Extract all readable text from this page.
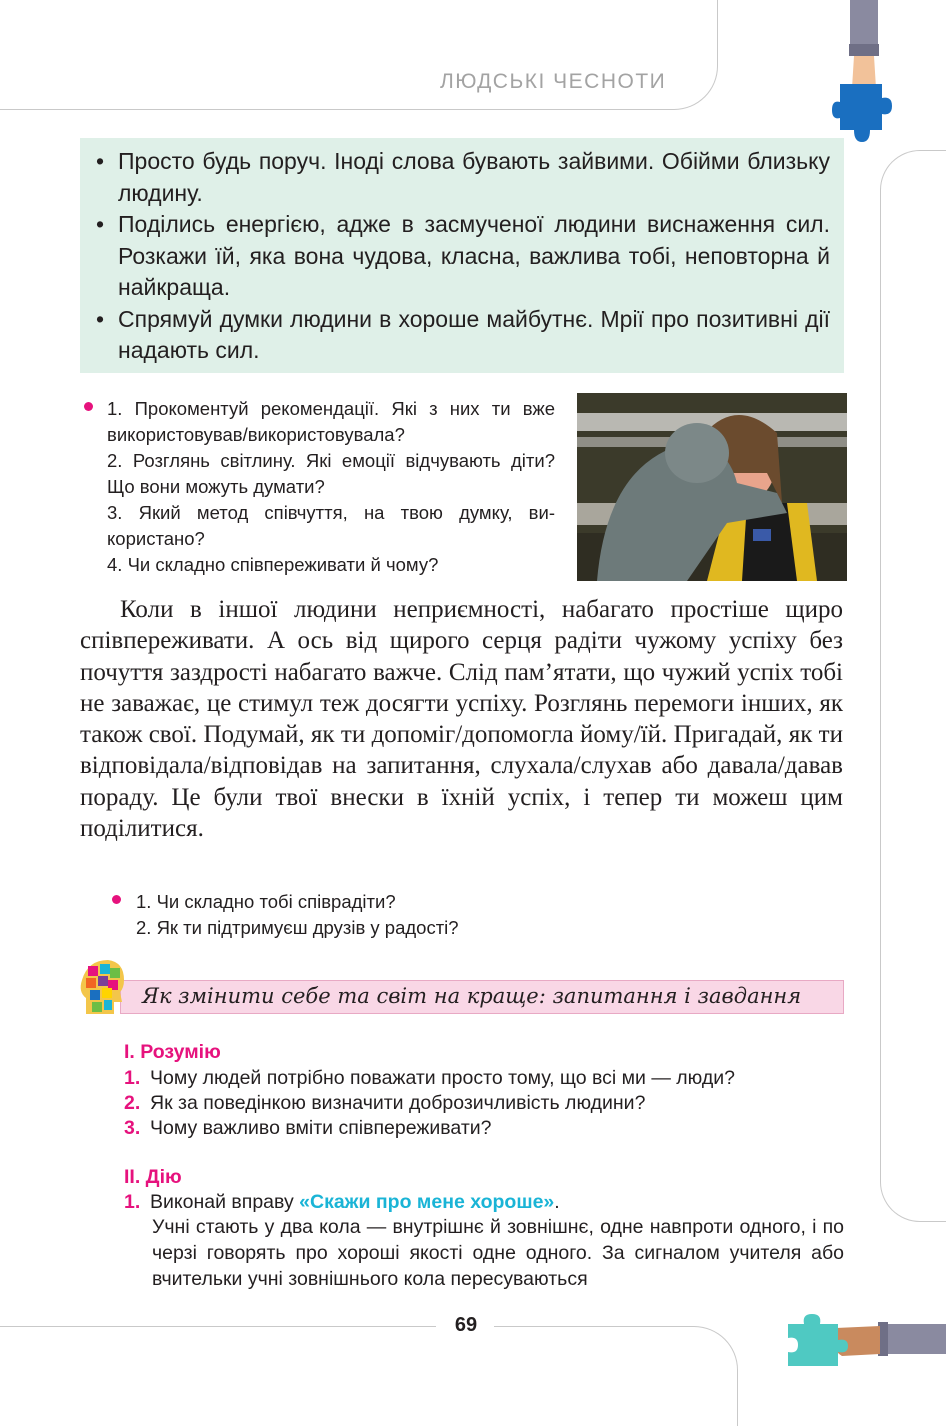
ЛЮДСЬКІ ЧЕСНОТИ
• Просто будь поруч. Іноді слова бувають зайвими. Обійми близьку людину.
• Поділись енергією, адже в засмученої людини виснаження сил. Розкажи їй, яка вона чудова, класна, важлива тобі, неповторна й найкраща.
• Спрямуй думки людини в хороше майбутнє. Мрії про позитивні дії надають сил.
1. Прокоментуй рекомендації. Які з них ти вже використовував/використовувала?
2. Розглянь світлину. Які емоції відчувають діти? Що вони можуть думати?
3. Який метод співчуття, на твою думку, використано?
4. Чи складно співпереживати й чому?
Коли в іншої людини неприємності, набагато простіше щиро співпереживати. А ось від щирого серця радіти чужому успіху без почуття заздрості набагато важче. Слід пам’ятати, що чужий успіх тобі не заважає, це стимул теж досягти успіху. Розглянь перемоги інших, як також свої. Подумай, як ти допоміг/допомогла йому/їй. Пригадай, як ти відповідала/відповідав на запитання, слухала/слухав або давала/давав пораду. Це були твої внески в їхній успіх, і тепер ти можеш цим поділитися.
1. Чи складно тобі співрадіти?
2. Як ти підтримуєш друзів у радості?
Як змінити себе та світ на краще: запитання і завдання
І. Розумію
1. Чому людей потрібно поважати просто тому, що всі ми — люди?
2. Як за поведінкою визначити доброзичливість людини?
3. Чому важливо вміти співпереживати?
ІІ. Дію
1. Виконай вправу «Скажи про мене хороше».
Учні стають у два кола — внутрішнє й зовнішнє, одне навпроти одного, і по черзі говорять про хороші якості одне одного. За сигналом учителя або вчительки учні зовнішнього кола пересуваються
69
